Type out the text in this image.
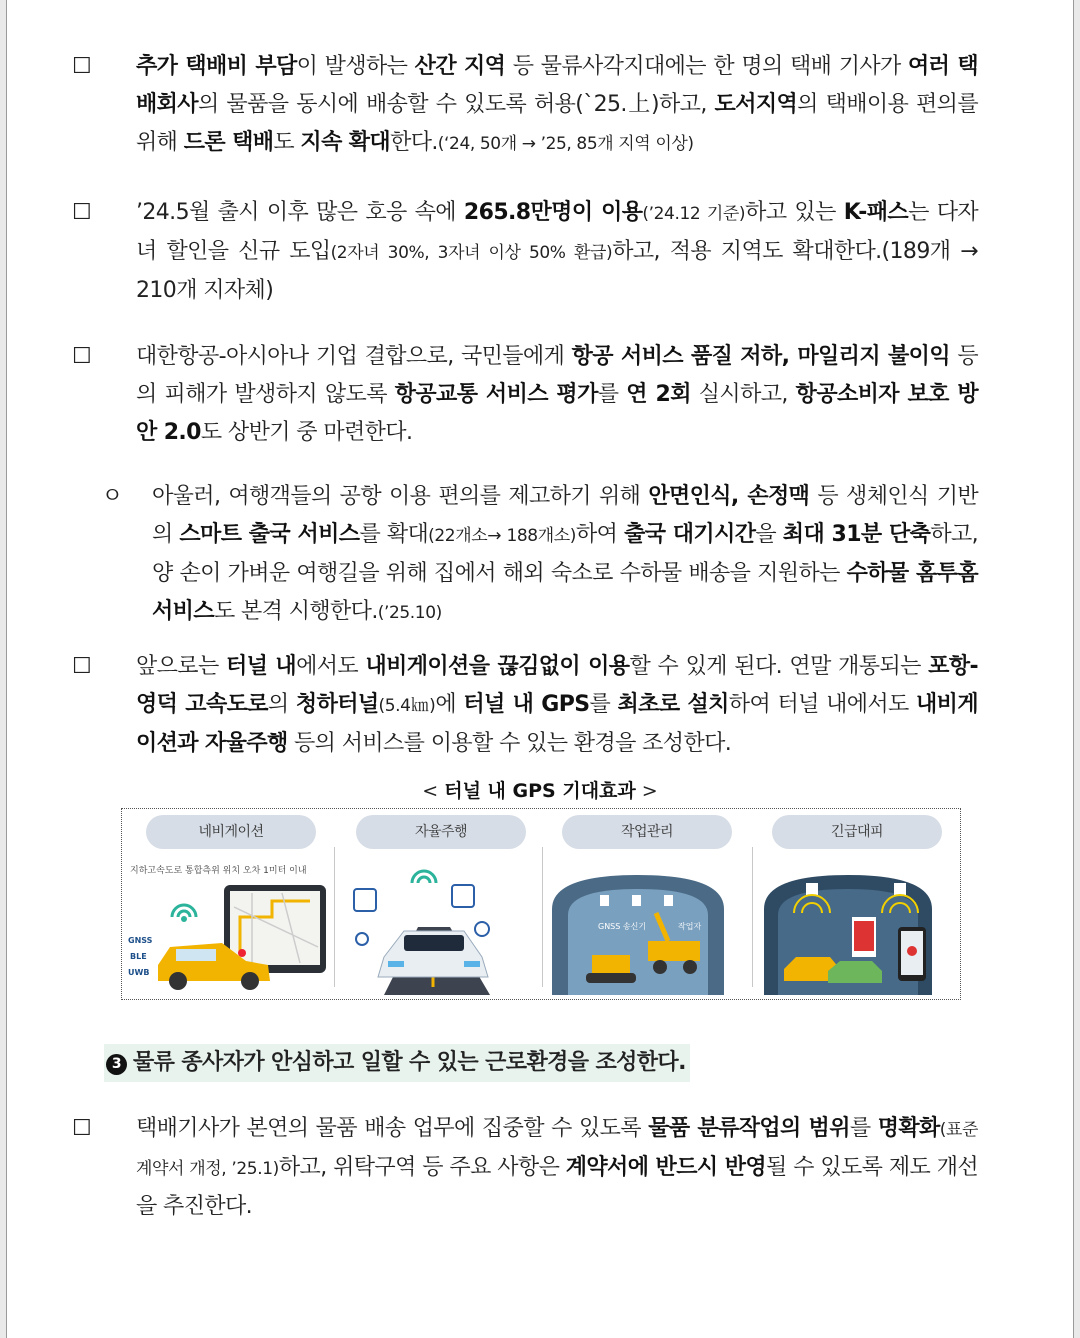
☐ 추가 택배비 부담이 발생하는 산간 지역 등 물류사각지대에는 한 명의 택배 기사가 여러 택배회사의 물품을 동시에 배송할 수 있도록 허용(`25.上)하고, 도서지역의 택배이용 편의를 위해 드론 택배도 지속 확대한다.(‘24, 50개 → ’25, 85개 지역 이상)
☐ ’24.5월 출시 이후 많은 호응 속에 265.8만명이 이용(’24.12 기준)하고 있는 K-패스는 다자녀 할인을 신규 도입(2자녀 30%, 3자녀 이상 50% 환급)하고, 적용 지역도 확대한다.(189개 → 210개 지자체)
☐ 대한항공-아시아나 기업 결합으로, 국민들에게 항공 서비스 품질 저하, 마일리지 불이익 등의 피해가 발생하지 않도록 항공교통 서비스 평가를 연 2회 실시하고, 항공소비자 보호 방안 2.0도 상반기 중 마련한다.
ㅇ 아울러, 여행객들의 공항 이용 편의를 제고하기 위해 안면인식, 손정맥 등 생체인식 기반의 스마트 출국 서비스를 확대(22개소→ 188개소)하여 출국 대기시간을 최대 31분 단축하고, 양 손이 가벼운 여행길을 위해 집에서 해외 숙소로 수하물 배송을 지원하는 수하물 홈투홈 서비스도 본격 시행한다.(’25.10)
☐ 앞으로는 터널 내에서도 내비게이션을 끊김없이 이용할 수 있게 된다. 연말 개통되는 포항-영덕 고속도로의 청하터널(5.4㎞)에 터널 내 GPS를 최초로 설치하여 터널 내에서도 내비게이션과 자율주행 등의 서비스를 이용할 수 있는 환경을 조성한다.
< 터널 내 GPS 기대효과 >
네비게이션
지하고속도로 통합측위 위치 오차 1미터 이내
GNSS
BLE
UWB
자율주행	작업관리
GNSS 송신기	작업자
긴급대피
3 물류 종사자가 안심하고 일할 수 있는 근로환경을 조성한다.
☐ 택배기사가 본연의 물품 배송 업무에 집중할 수 있도록 물품 분류작업의 범위를 명확화(표준계약서 개정, ’25.1)하고, 위탁구역 등 주요 사항은 계약서에 반드시 반영될 수 있도록 제도 개선을 추진한다.
